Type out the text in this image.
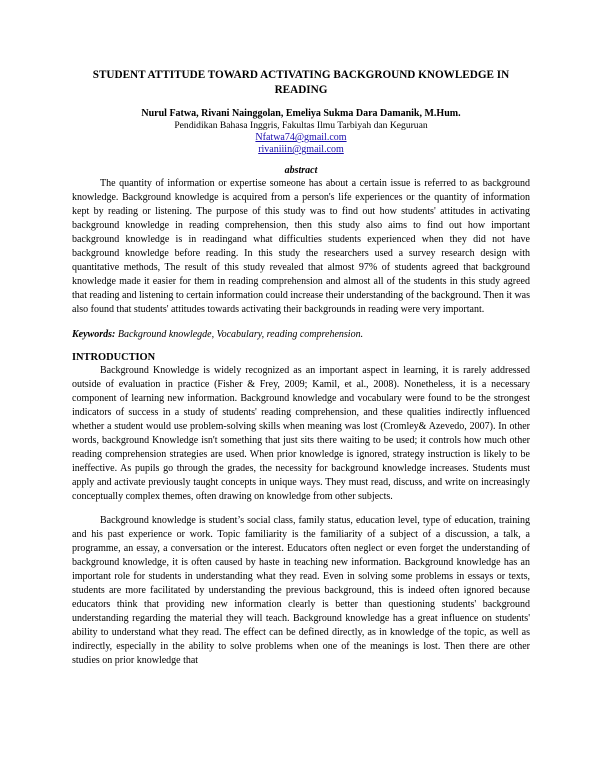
STUDENT ATTITUDE TOWARD ACTIVATING BACKGROUND KNOWLEDGE IN READING
Nurul Fatwa, Rivani Nainggolan, Emeliya Sukma Dara Damanik, M.Hum.
Pendidikan Bahasa Inggris, Fakultas Ilmu Tarbiyah dan Keguruan
Nfatwa74@gmail.com
rivaniiin@gmail.com
abstract

The quantity of information or expertise someone has about a certain issue is referred to as background knowledge. Background knowledge is acquired from a person's life experiences or the quantity of information kept by reading or listening. The purpose of this study was to find out how students' attitudes in activating background knowledge in reading comprehension, then this study also aims to find out how important background knowledge is in readingand what difficulties students experienced when they did not have background knowledge before reading. In this study the researchers used a survey research design with quantitative methods, The result of this study revealed that almost 97% of students agreed that background knowledge made it easier for them in reading comprehension and almost all of the students in this study agreed that reading and listening to certain information could increase their understanding of the background. Then it was also found that students' attitudes towards activating their backgrounds in reading were very important.

Keywords: Background knowlegde, Vocabulary, reading comprehension.
INTRODUCTION

Background Knowledge is widely recognized as an important aspect in learning, it is rarely addressed outside of evaluation in practice (Fisher & Frey, 2009; Kamil, et al., 2008). Nonetheless, it is a necessary component of learning new information. Background knowledge and vocabulary were found to be the strongest indicators of success in a study of students' reading comprehension, and these qualities indirectly influenced whether a student would use problem-solving skills when meaning was lost (Cromley& Azevedo, 2007). In other words, background Knowledge isn't something that just sits there waiting to be used; it controls how much other reading comprehension strategies are used. When prior knowledge is ignored, strategy instruction is likely to be ineffective. As pupils go through the grades, the necessity for background knowledge increases. Students must apply and activate previously taught concepts in unique ways. They must read, discuss, and write on increasingly conceptually complex themes, often drawing on knowledge from other subjects.

Background knowledge is student’s social class, family status, education level, type of education, training and his past experience or work. Topic familiarity is the familiarity of a subject of a discussion, a talk, a programme, an essay, a conversation or the interest. Educators often neglect or even forget the understanding of background knowledge, it is often caused by haste in teaching new information. Background knowledge has an important role for students in understanding what they read. Even in solving some problems in essays or texts, students are more facilitated by understanding the previous background, this is indeed often ignored because educators think that providing new information clearly is better than questioning students' background understanding regarding the material they will teach. Background knowledge has a great influence on students' ability to understand what they read. The effect can be defined directly, as in knowledge of the topic, as well as indirectly, especially in the ability to solve problems when one of the meanings is lost. Then there are other studies on prior knowledge that
